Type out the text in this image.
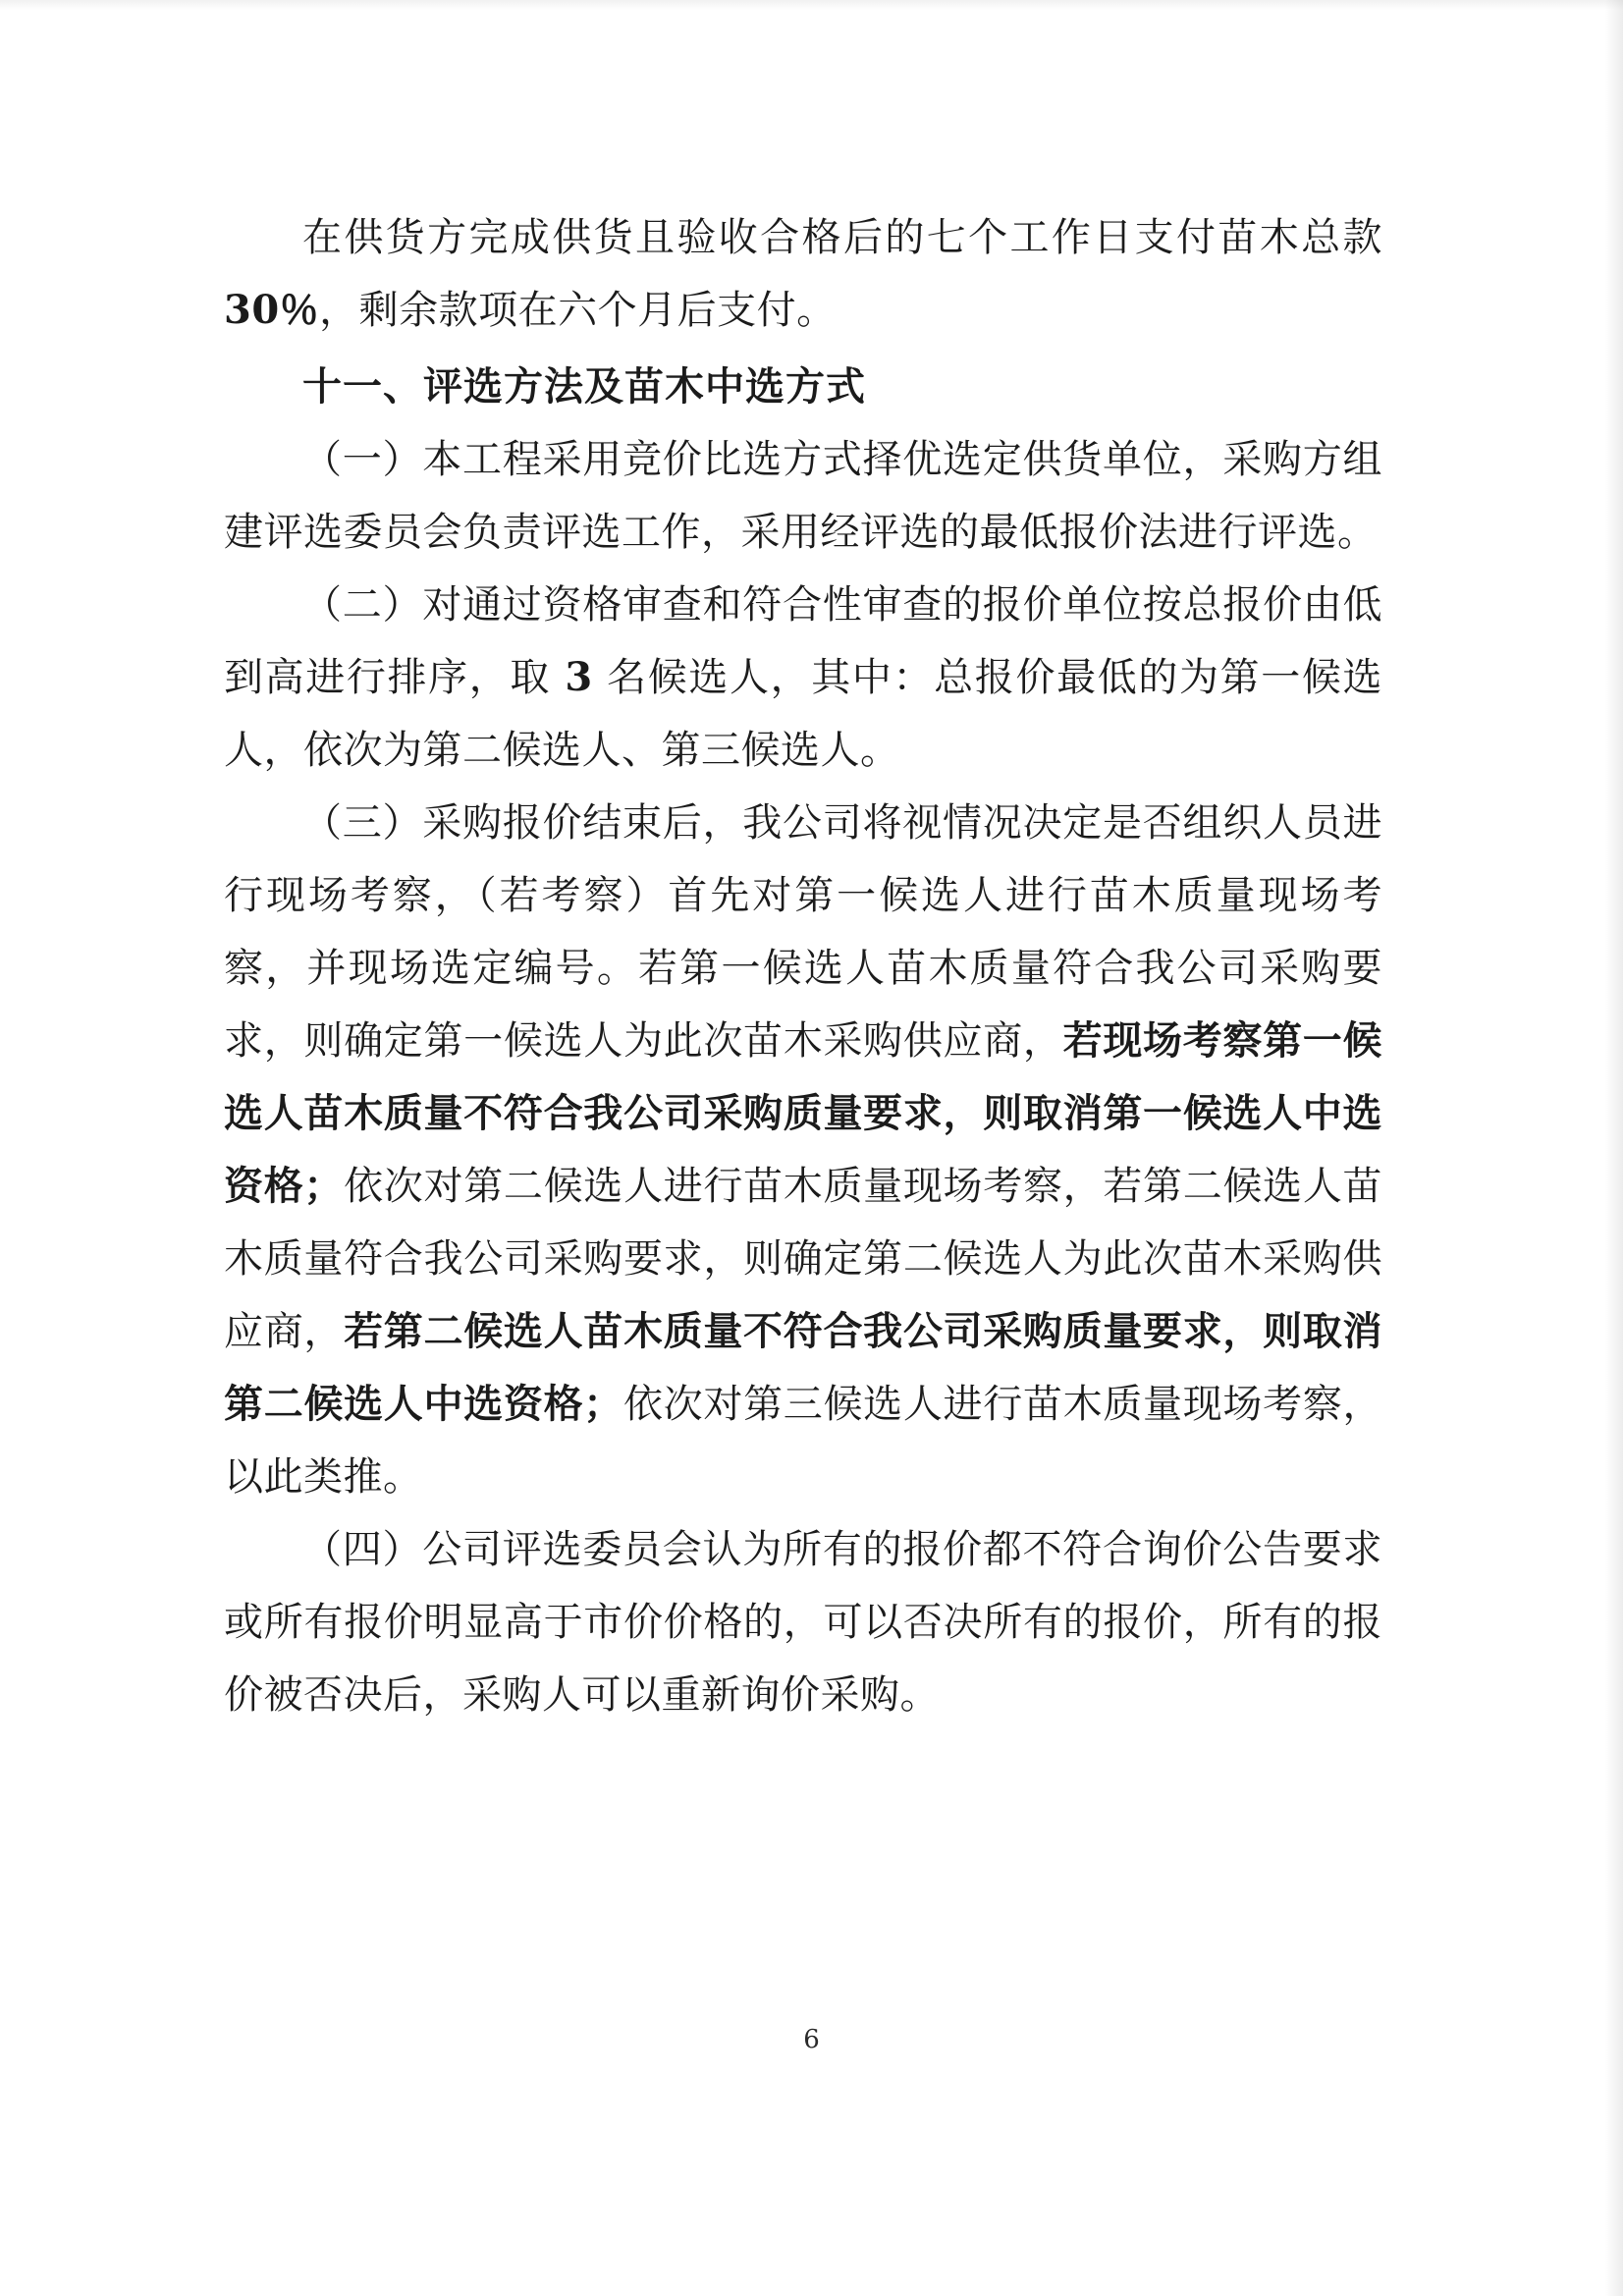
在供货方完成供货且验收合格后的七个工作日支付苗木总款 30％，剩余款项在六个月后支付。

十一、评选方法及苗木中选方式

（一）本工程采用竞价比选方式择优选定供货单位，采购方组建评选委员会负责评选工作，采用经评选的最低报价法进行评选。

（二）对通过资格审查和符合性审查的报价单位按总报价由低到高进行排序，取 3 名候选人，其中：总报价最低的为第一候选人，依次为第二候选人、第三候选人。

（三）采购报价结束后，我公司将视情况决定是否组织人员进行现场考察，（若考察）首先对第一候选人进行苗木质量现场考察，并现场选定编号。若第一候选人苗木质量符合我公司采购要求，则确定第一候选人为此次苗木采购供应商，若现场考察第一候选人苗木质量不符合我公司采购质量要求，则取消第一候选人中选资格；依次对第二候选人进行苗木质量现场考察，若第二候选人苗木质量符合我公司采购要求，则确定第二候选人为此次苗木采购供应商，若第二候选人苗木质量不符合我公司采购质量要求，则取消第二候选人中选资格；依次对第三候选人进行苗木质量现场考察，以此类推。

（四）公司评选委员会认为所有的报价都不符合询价公告要求或所有报价明显高于市价价格的，可以否决所有的报价，所有的报价被否决后，采购人可以重新询价采购。

6
